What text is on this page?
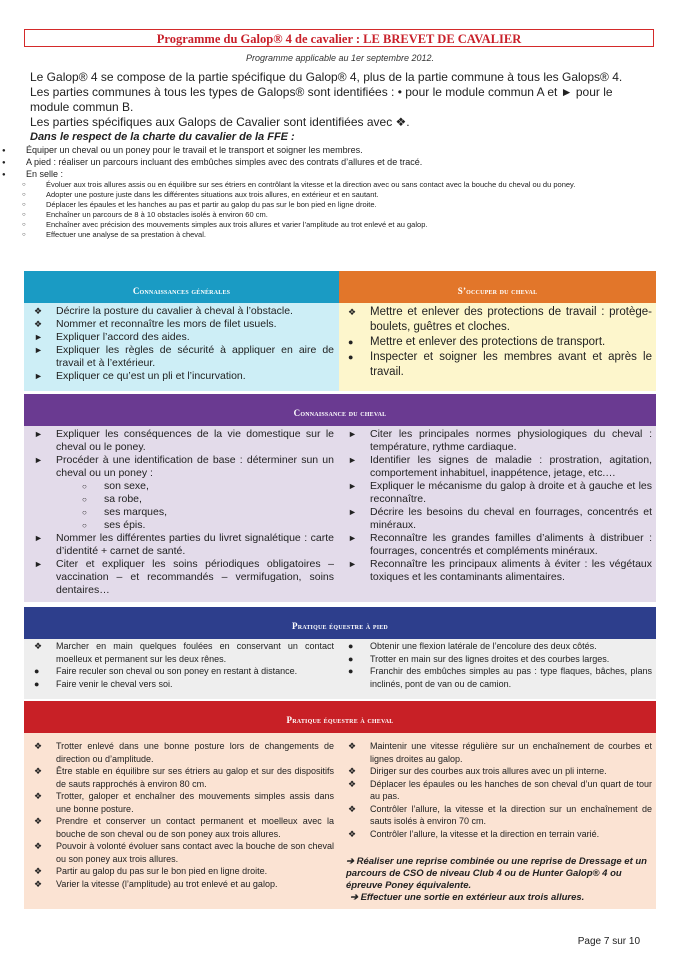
Programme du Galop® 4 de cavalier : LE BREVET DE CAVALIER
Programme applicable au 1er septembre 2012.

Le Galop® 4 se compose de la partie spécifique du Galop® 4, plus de la partie commune à tous les Galops® 4.

Les parties communes à tous les types de Galops® sont identifiées : • pour le module commun A et ► pour le module commun B.

Les parties spécifiques aux Galops de Cavalier sont identifiées avec ❖.

Dans le respect de la charte du cavalier de la FFE :

● Équiper un cheval ou un poney pour le travail et le transport et soigner les membres.
● A pied : réaliser un parcours incluant des embûches simples avec des contrats d’allures et de tracé.
● En selle :
○ Évoluer aux trois allures assis ou en équilibre sur ses étriers en contrôlant la vitesse et la direction avec ou sans contact avec la bouche du cheval ou du poney.
○ Adopter une posture juste dans les différentes situations aux trois allures, en extérieur et en sautant.
○ Déplacer les épaules et les hanches au pas et partir au galop du pas sur le bon pied en ligne droite.
○ Enchaîner un parcours de 8 à 10 obstacles isolés à environ 60 cm.
○ Enchaîner avec précision des mouvements simples aux trois allures et varier l’amplitude au trot enlevé et au galop.
○ Effectuer une analyse de sa prestation à cheval.
Connaissances générales	S’occuper du cheval
❖ Décrire la posture du cavalier à cheval à l’obstacle.
❖ Nommer et reconnaître les mors de filet usuels.
► Expliquer l’accord des aides.
► Expliquer les règles de sécurité à appliquer en aire de travail et à l’extérieur.
► Expliquer ce qu’est un pli et l’incurvation.
❖ Mettre et enlever des protections de travail : protège-boulets, guêtres et cloches.
● Mettre et enlever des protections de transport.
● Inspecter et soigner les membres avant et après le travail.
Connaissance du cheval
► Expliquer les conséquences de la vie domestique sur le cheval ou le poney.
► Procéder à une identification de base : déterminer sun un cheval ou un poney :
○ son sexe,
○ sa robe,
○ ses marques,
○ ses épis.
► Nommer les différentes parties du livret signalétique : carte d’identité + carnet de santé.
► Citer et expliquer les soins périodiques obligatoires – vaccination – et recommandés – vermifugation, soins dentaires…
► Citer les principales normes physiologiques du cheval : température, rythme cardiaque.
► Identifier les signes de maladie : prostration, agitation, comportement inhabituel, inappétence, jetage, etc.…
► Expliquer le mécanisme du galop à droite et à gauche et les reconnaître.
► Décrire les besoins du cheval en fourrages, concentrés et minéraux.
► Reconnaître les grandes familles d’aliments à distribuer : fourrages, concentrés et compléments minéraux.
► Reconnaître les principaux aliments à éviter : les végétaux toxiques et les contaminants alimentaires.
Pratique équestre à pied
❖ Marcher en main quelques foulées en conservant un contact moelleux et permanent sur les deux rênes.
● Faire reculer son cheval ou son poney en restant à distance.
● Faire venir le cheval vers soi.
● Obtenir une flexion latérale de l’encolure des deux côtés.
● Trotter en main sur des lignes droites et des courbes larges.
● Franchir des embûches simples au pas : type flaques, bâches, plans inclinés, pont de van ou de camion.
Pratique équestre à cheval
❖ Trotter enlevé dans une bonne posture lors de changements de direction ou d’amplitude.
❖ Être stable en équilibre sur ses étriers au galop et sur des dispositifs de sauts rapprochés à environ 80 cm.
❖ Trotter, galoper et enchaîner des mouvements simples assis dans une bonne posture.
❖ Prendre et conserver un contact permanent et moelleux avec la bouche de son cheval ou de son poney aux trois allures.
❖ Pouvoir à volonté évoluer sans contact avec la bouche de son cheval ou son poney aux trois allures.
❖ Partir au galop du pas sur le bon pied en ligne droite.
❖ Varier la vitesse (l’amplitude) au trot enlevé et au galop.
❖ Maintenir une vitesse régulière sur un enchaînement de courbes et lignes droites au galop.
❖ Diriger sur des courbes aux trois allures avec un pli interne.
❖ Déplacer les épaules ou les hanches de son cheval d’un quart de tour au pas.
❖ Contrôler l’allure, la vitesse et la direction sur un enchaînement de sauts isolés à environ 70 cm.
❖ Contrôler l’allure, la vitesse et la direction en terrain varié.
➔ Réaliser une reprise combinée ou une reprise de Dressage et un parcours de CSO de niveau Club 4 ou de Hunter Galop® 4 ou épreuve Poney équivalente.
➔ Effectuer une sortie en extérieur aux trois allures.
Page 7 sur 10
